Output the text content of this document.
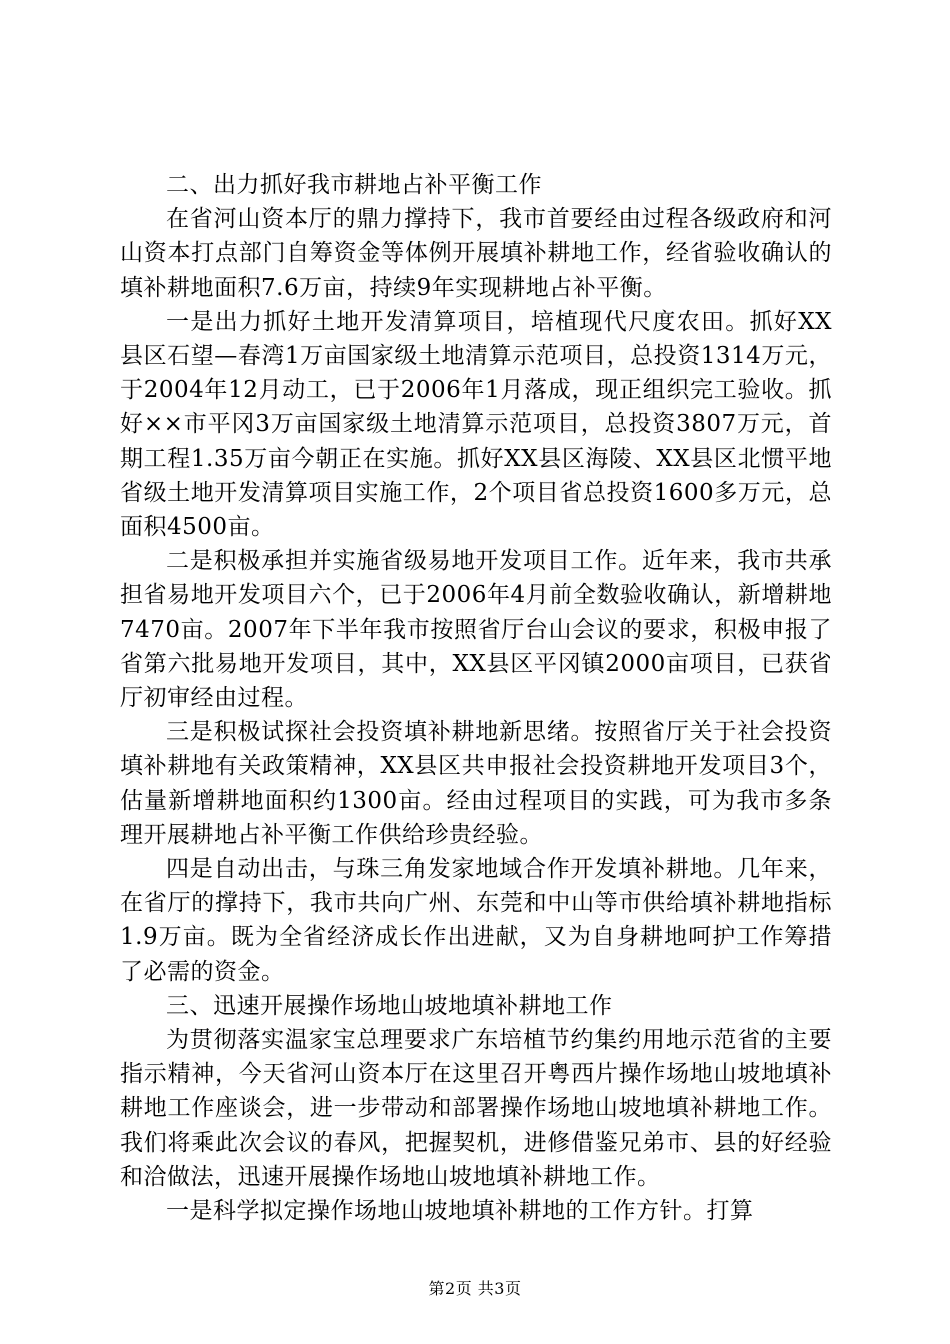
二、出力抓好我市耕地占补平衡工作

在省河山资本厅的鼎力撑持下，我市首要经由过程各级政府和河山资本打点部门自筹资金等体例开展填补耕地工作，经省验收确认的填补耕地面积7.6万亩，持续9年实现耕地占补平衡。

一是出力抓好土地开发清算项目，培植现代尺度农田。抓好XX县区石望—春湾1万亩国家级土地清算示范项目，总投资1314万元，于2004年12月动工，已于2006年1月落成，现正组织完工验收。抓好××市平冈3万亩国家级土地清算示范项目，总投资3807万元，首期工程1.35万亩今朝正在实施。抓好XX县区海陵、XX县区北惯平地省级土地开发清算项目实施工作，2个项目省总投资1600多万元，总面积4500亩。

二是积极承担并实施省级易地开发项目工作。近年来，我市共承担省易地开发项目六个，已于2006年4月前全数验收确认，新增耕地7470亩。2007年下半年我市按照省厅台山会议的要求，积极申报了省第六批易地开发项目，其中，XX县区平冈镇2000亩项目，已获省厅初审经由过程。

三是积极试探社会投资填补耕地新思绪。按照省厅关于社会投资填补耕地有关政策精神，XX县区共申报社会投资耕地开发项目3个，估量新增耕地面积约1300亩。经由过程项目的实践，可为我市多条理开展耕地占补平衡工作供给珍贵经验。

四是自动出击，与珠三角发家地域合作开发填补耕地。几年来，在省厅的撑持下，我市共向广州、东莞和中山等市供给填补耕地指标1.9万亩。既为全省经济成长作出进献，又为自身耕地呵护工作筹措了必需的资金。

三、迅速开展操作场地山坡地填补耕地工作

为贯彻落实温家宝总理要求广东培植节约集约用地示范省的主要指示精神，今天省河山资本厅在这里召开粤西片操作场地山坡地填补耕地工作座谈会，进一步带动和部署操作场地山坡地填补耕地工作。我们将乘此次会议的春风，把握契机，进修借鉴兄弟市、县的好经验和洽做法，迅速开展操作场地山坡地填补耕地工作。

一是科学拟定操作场地山坡地填补耕地的工作方针。打算

第2页 共3页
